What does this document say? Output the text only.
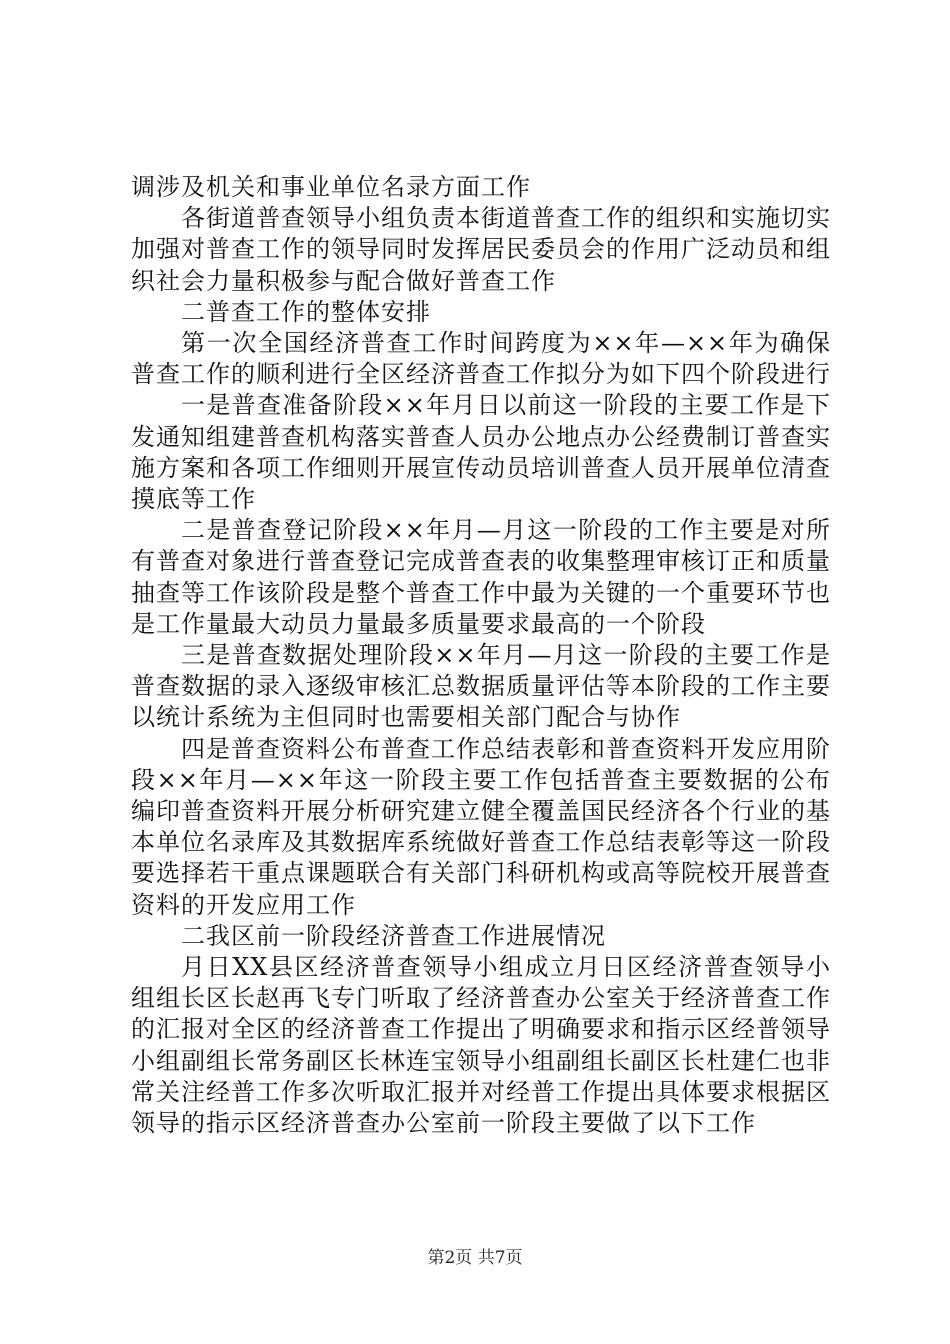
调涉及机关和事业单位名录方面工作

各街道普查领导小组负责本街道普查工作的组织和实施切实加强对普查工作的领导同时发挥居民委员会的作用广泛动员和组织社会力量积极参与配合做好普查工作

二普查工作的整体安排

第一次全国经济普查工作时间跨度为××年—××年为确保普查工作的顺利进行全区经济普查工作拟分为如下四个阶段进行

一是普查准备阶段××年月日以前这一阶段的主要工作是下发通知组建普查机构落实普查人员办公地点办公经费制订普查实施方案和各项工作细则开展宣传动员培训普查人员开展单位清查摸底等工作

二是普查登记阶段××年月—月这一阶段的工作主要是对所有普查对象进行普查登记完成普查表的收集整理审核订正和质量抽查等工作该阶段是整个普查工作中最为关键的一个重要环节也是工作量最大动员力量最多质量要求最高的一个阶段

三是普查数据处理阶段××年月—月这一阶段的主要工作是普查数据的录入逐级审核汇总数据质量评估等本阶段的工作主要以统计系统为主但同时也需要相关部门配合与协作

四是普查资料公布普查工作总结表彰和普查资料开发应用阶段××年月—××年这一阶段主要工作包括普查主要数据的公布编印普查资料开展分析研究建立健全覆盖国民经济各个行业的基本单位名录库及其数据库系统做好普查工作总结表彰等这一阶段要选择若干重点课题联合有关部门科研机构或高等院校开展普查资料的开发应用工作

二我区前一阶段经济普查工作进展情况

月日XX县区经济普查领导小组成立月日区经济普查领导小组组长区长赵再飞专门听取了经济普查办公室关于经济普查工作的汇报对全区的经济普查工作提出了明确要求和指示区经普领导小组副组长常务副区长林连宝领导小组副组长副区长杜建仁也非常关注经普工作多次听取汇报并对经普工作提出具体要求根据区领导的指示区经济普查办公室前一阶段主要做了以下工作

第2页 共7页
